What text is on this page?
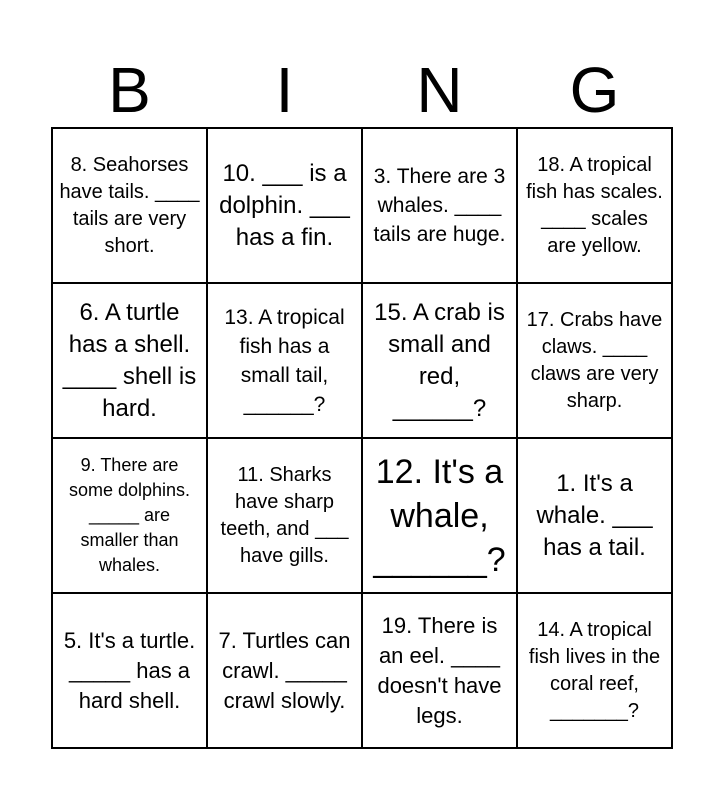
B	I	N	G
8. Seahorses have tails. ____ tails are very short.
10. ___ is a dolphin. ___ has a fin.
3. There are 3 whales. ____ tails are huge.
18. A tropical fish has scales. ____ scales are yellow.
6. A turtle has a shell. ____ shell is hard.
13. A tropical fish has a small tail, ______?
15. A crab is small and red, ______?
17. Crabs have claws. ____ claws are very sharp.
9. There are some dolphins. _____ are smaller than whales.
11. Sharks have sharp teeth, and ___ have gills.
12. It's a whale, ______?
1. It's a whale. ___ has a tail.
5. It's a turtle. _____ has a hard shell.
7. Turtles can crawl. _____ crawl slowly.
19. There is an eel. ____ doesn't have legs.
14. A tropical fish lives in the coral reef, _______?
